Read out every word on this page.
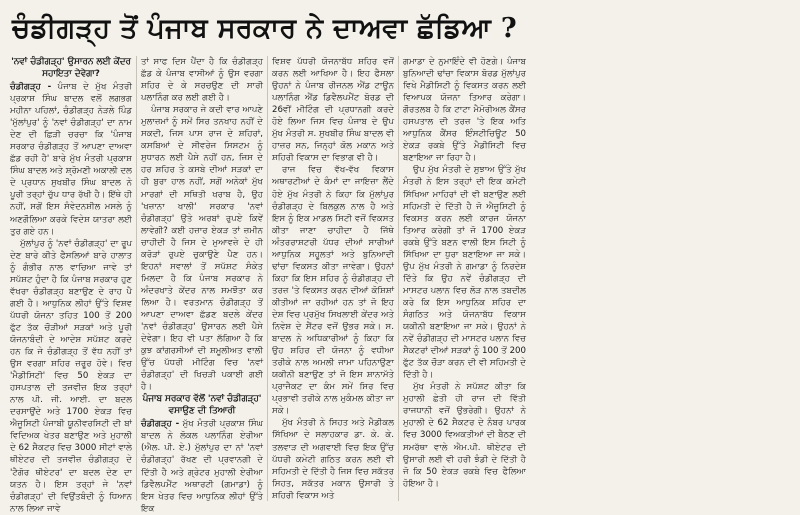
ਚੰਡੀਗੜ੍ਹ ਤੋਂ ਪੰਜਾਬ ਸਰਕਾਰ ਨੇ ਦਾਅਵਾ ਛੱਡਿਆ ?
'ਨਵਾਂ ਚੰਡੀਗੜ੍ਹ' ਉਸਾਰਨ ਲਈ ਕੇਂਦਰ ਸਹਾਇਤਾ ਦੇਵੇਗਾ?

ਚੰਡੀਗੜ੍ਹ - ਪੰਜਾਬ ਦੇ ਮੁੱਖ ਮੰਤਰੀ ਪ੍ਰਕਾਸ਼ ਸਿੰਘ ਬਾਦਲ ਵਲੋਂ ਲਗਭਗ ਮਹੀਨਾ ਪਹਿਲਾਂ, ਚੰਡੀਗੜ੍ਹ ਨੇੜਲੇ ਪਿੰਡ 'ਮੁੱਲਾਂਪੁਰ' ਨੂੰ 'ਨਵਾਂ ਚੰਡੀਗੜ੍ਹ' ਦਾ ਨਾਮ ਦੇਣ ਦੀ ਛਿੜੀ ਚਰਚਾ ਕਿ 'ਪੰਜਾਬ ਸਰਕਾਰ ਚੰਡੀਗੜ੍ਹ ਤੋਂ ਆਪਣਾ ਦਾਅਵਾ ਛੱਡ ਰਹੀ ਹੈ' ਬਾਰੇ ਮੁੱਖ ਮੰਤਰੀ ਪ੍ਰਕਾਸ਼ ਸਿੰਘ ਬਾਦਲ ਅਤੇ ਸ਼੍ਰੋਮਣੀ ਅਕਾਲੀ ਦਲ ਦੇ ਪ੍ਰਧਾਨ ਸੁਖਬੀਰ ਸਿੰਘ ਬਾਦਲ ਨੇ ਪੂਰੀ ਤਰ੍ਹਾਂ ਚੁੱਪ ਧਾਰ ਰੱਖੀ ਹੈ। ਇੱਥੇ ਹੀ ਨਹੀਂ, ਸਗੋਂ ਇਸ ਸੰਵੇਦਨਸ਼ੀਲ ਮਸਲੇ ਨੂੰ ਅਣਗੌਲਿਆ ਕਰਕੇ ਵਿਦੇਸ਼ ਯਾਤਰਾ ਲਈ ਤੁਰ ਗਏ ਹਨ।

ਮੁੱਲਾਂਪੁਰ ਨੂੰ 'ਨਵਾਂ ਚੰਡੀਗੜ੍ਹ' ਦਾ ਰੂਪ ਦੇਣ ਬਾਰੇ ਕੀਤੇ ਫੈਸਲਿਆਂ ਬਾਰੇ ਹਾਲਾਤ ਨੂੰ ਗੰਭੀਰ ਨਾਲ ਵਾਚਿਆ ਜਾਵੇ ਤਾਂ ਸਪੱਸ਼ਟ ਹੁੰਦਾ ਹੈ ਕਿ ਪੰਜਾਬ ਸਰਕਾਰ ਹੁਣ ਵੱਖਰਾ ਚੰਡੀਗੜ੍ਹ ਬਣਾਉਣ ਦੇ ਰਾਹ ਪੈ ਗਈ ਹੈ। ਆਧੁਨਿਕ ਲੀਹਾਂ ਉੱਤੇ ਵਿਸ਼ਵ ਪੱਧਰੀ ਯੋਜਨਾ ਤਹਿਤ 100 ਤੋਂ 200 ਫੁੱਟ ਤੱਕ ਚੌੜੀਆਂ ਸੜਕਾਂ ਅਤੇ ਪੂਰੀ ਯੋਜਨਾਬੰਦੀ ਦੇ ਆਦੇਸ਼ ਸਪੱਸ਼ਟ ਕਰਦੇ ਹਨ ਕਿ ਜੇ ਚੰਡੀਗੜ੍ਹ ਤੋਂ ਵੱਧ ਨਹੀਂ ਤਾਂ ਉਸ ਵਰਗਾ ਸ਼ਹਿਰ ਜ਼ਰੂਰ ਹੋਵੇ। ਵਿਚ 'ਮੈਡੀਸਿਟੀ' ਵਿਚ 50 ਏਕੜ ਦਾ ਹਸਪਤਾਲ ਦੀ ਤਜਵੀਜ਼ ਇਕ ਤਰ੍ਹਾਂ ਨਾਲ ਪੀ. ਜੀ. ਆਈ. ਦਾ ਬਦਲ ਦਰਸਾਉਂਦੇ ਅਤੇ 1700 ਏਕੜ ਵਿਚ ਐਜੂਸਿਟੀ ਪੰਜਾਬੀ ਯੂਨੀਵਰਸਿਟੀ ਦੀ ਬਾਂ ਵਿਦਿਅਕ ਖੇਤਰ ਬਣਾਉਣ ਅਤੇ ਮੁਹਾਲੀ ਦੇ 62 ਸੈਕਟਰ ਵਿਚ 3000 ਸੀਟਾਂ ਵਾਲੇ ਥੀਏਟਰ ਦੀ ਤਜਵੀਜ਼ ਚੰਡੀਗੜ੍ਹ ਦੇ 'ਟੈਗੋਰ ਥੀਏਟਰ' ਦਾ ਬਦਲ ਦੇਣ ਦਾ ਯਤਨ ਹੈ। ਇਸ ਤਰ੍ਹਾਂ ਜੇ 'ਨਵਾਂ ਚੰਡੀਗੜ੍ਹ' ਦੀ ਵਿਉਂਤਬੰਦੀ ਨੂੰ ਧਿਆਨ ਨਾਲ ਲਿਆ ਜਾਵੇ

ਤਾਂ ਸਾਫ ਦਿਸ ਪੈਂਦਾ ਹੈ ਕਿ ਚੰਡੀਗੜ੍ਹ ਛੱਡ ਕੇ ਪੰਜਾਬ ਵਾਸੀਆਂ ਨੂੰ ਉਸ ਵਰਗਾ ਸ਼ਹਿਰ ਦੇ ਕੇ ਸਰਚਉਣ ਦੀ ਸਾਰੀ ਪਲਾਨਿੰਗ ਕਰ ਲਈ ਗਈ ਹੈ।

ਪੰਜਾਬ ਸਰਕਾਰ ਜੇ ਕਦੀ ਵਾਰ ਆਪਣੇ ਮੁਲਾਜ਼ਮਾਂ ਨੂੰ ਸਮੇਂ ਸਿਰ ਤਨਖਾਹ ਨਹੀਂ ਦੇ ਸਕਦੀ, ਜਿਸ ਪਾਸ ਰਾਜ ਦੇ ਸ਼ਹਿਰਾਂ, ਕਸਬਿਆਂ ਦੇ ਸੀਵਰੇਜ ਸਿਸਟਮ ਨੂੰ ਸੁਧਾਰਨ ਲਈ ਪੈਸੇ ਨਹੀਂ ਹਨ, ਜਿਸ ਦੇ ਹਰ ਸ਼ਹਿਰ ਤੇ ਕਸਬੇ ਦੀਆਂ ਸੜਕਾਂ ਦਾ ਹੀ ਬੁਰਾ ਹਾਲ ਨਹੀਂ, ਸਗੋਂ ਅਨੇਕਾਂ ਮੁੱਖ ਮਾਰਗਾਂ ਦੀ ਸਥਿਤੀ ਖਰਾਬ ਹੈ, ਉਹ 'ਖਜ਼ਾਨਾ ਖਾਲੀ' ਸਰਕਾਰ 'ਨਵਾਂ ਚੰਡੀਗੜ੍ਹ' ਉਤੇ ਅਰਬਾਂ ਰੁਪਏ ਕਿਵੇਂ ਲਾਵੇਗੀ? ਕਈ ਹਜ਼ਾਰ ਏਕੜ ਤਾਂ ਜ਼ਮੀਨ ਚਾਹੀਦੀ ਹੈ ਜਿਸ ਦੇ ਮੁਆਵਜ਼ੇ ਦੇ ਹੀ ਕਰੋੜਾਂ ਰੁਪਏ ਚੁਕਾਉਣੇ ਪੈਣ ਹਨ। ਇਹਨਾਂ ਸਵਾਲਾਂ ਤੋਂ ਸਪੱਸ਼ਟ ਸੰਕੇਤ ਮਿਲਦਾ ਹੈ ਕਿ ਪੰਜਾਬ ਸਰਕਾਰ ਨੇ ਅੰਦਰਖਾਤੇ ਕੇਂਦਰ ਨਾਲ ਸਮਝੌਤਾ ਕਰ ਲਿਆ ਹੈ। ਵਰਤਮਾਨ ਚੰਡੀਗੜ੍ਹ ਤੋਂ ਆਪਣਾ ਦਾਅਵਾ ਛੱਡਣ ਬਦਲੇ ਕੇਂਦਰ 'ਨਵਾਂ ਚੰਡੀਗੜ੍ਹ' ਉਸਾਰਨ ਲਈ ਪੈਸੇ ਦੇਵੇਗਾ। ਇਹ ਵੀ ਪਤਾ ਲੱਗਿਆ ਹੈ ਕਿ ਕੁਝ ਕਾਂਗਰਸੀਆਂ ਦੀ ਸ਼ਮੂਲੀਅਤ ਵਾਲੀ ਉੱਚ ਪੱਧਰੀ ਮੀਟਿੰਗ ਵਿਚ 'ਨਵਾਂ ਚੰਡੀਗੜ੍ਹ' ਦੀ ਖਿਚੜੀ ਪਕਾਈ ਗਈ ਹੈ।

ਪੰਜਾਬ ਸਰਕਾਰ ਵੱਲੋਂ 'ਨਵਾਂ ਚੰਡੀਗੜ੍ਹ' ਵਸਾਉਣ ਦੀ ਤਿਆਰੀ

ਚੰਡੀਗੜ੍ਹ - ਮੁੱਖ ਮੰਤਰੀ ਪ੍ਰਕਾਸ਼ ਸਿੰਘ ਬਾਦਲ ਨੇ ਲੋਕਲ ਪਲਾਨਿੰਗ ਏਰੀਆ (ਐਲ. ਪੀ. ਏ.) ਮੁੱਲਾਂਪੁਰ ਦਾ ਨਾਂ 'ਨਵਾਂ ਚੰਡੀਗੜ੍ਹ' ਰੱਖਣ ਦੀ ਪ੍ਰਵਾਨਗੀ ਦੇ ਦਿੱਤੀ ਹੈ ਅਤੇ ਗ੍ਰੇਟਰ ਮੁਹਾਲੀ ਏਰੀਆ ਡਿਵੈਲਪਮੈਂਟ ਅਥਾਰਟੀ (ਗਮਾਡਾ) ਨੂੰ ਇਸ ਖੇਤਰ ਵਿਚ ਆਧੁਨਿਕ ਲੀਹਾਂ ਉੱਤੇ ਇਕ

ਵਿਸ਼ਵ ਪੱਧਰੀ ਯੋਜਨਾਬੱਧ ਸ਼ਹਿਰ ਵਜੋਂ ਕਰਨ ਲਈ ਆਖਿਆ ਹੈ। ਇਹ ਫੈਸਲਾ ਉਹਨਾਂ ਨੇ ਪੰਜਾਬ ਰੀਜਨਲ ਐਂਡ ਟਾਊਨ ਪਲਾਨਿੰਗ ਐਂਡ ਡਿਵੈਲਪਮੈਂਟ ਬੋਰਡ ਦੀ 26ਵੀਂ ਮੀਟਿੰਗ ਦੀ ਪ੍ਰਧਾਨਗੀ ਕਰਦੇ ਹੋਏ ਲਿਆ ਜਿਸ ਵਿਚ ਪੰਜਾਬ ਦੇ ਉਪ ਮੁੱਖ ਮੰਤਰੀ ਸ. ਸੁਖਬੀਰ ਸਿੰਘ ਬਾਦਲ ਵੀ ਹਾਜ਼ਰ ਸਨ, ਜਿਨ੍ਹਾਂ ਕੋਲ ਮਕਾਨ ਅਤੇ ਸ਼ਹਿਰੀ ਵਿਕਾਸ ਦਾ ਵਿਭਾਗ ਵੀ ਹੈ।

ਰਾਜ ਵਿਚ ਵੱਖ-ਵੱਖ ਵਿਕਾਸ ਅਥਾਰਟੀਆਂ ਦੇ ਕੰਮਾਂ ਦਾ ਜਾਇਜ਼ਾ ਲੈਂਦੇ ਹੋਏ ਮੁੱਖ ਮੰਤਰੀ ਨੇ ਕਿਹਾ ਕਿ ਮੁੱਲਾਂਪੁਰ ਚੰਡੀਗੜ੍ਹ ਦੇ ਬਿਲਕੁਲ ਨਾਲ ਹੈ ਅਤੇ ਇਸ ਨੂੰ ਇਕ ਮਾਡਲ ਸਿਟੀ ਵਜੋਂ ਵਿਕਸਤ ਕੀਤਾ ਜਾਣਾ ਚਾਹੀਦਾ ਹੈ ਜਿੱਥੇ ਅੰਤਰਰਾਸ਼ਟਰੀ ਪੱਧਰ ਦੀਆਂ ਸਾਰੀਆਂ ਆਧੁਨਿਕ ਸਹੂਲਤਾਂ ਅਤੇ ਬੁਨਿਆਦੀ ਢਾਂਚਾ ਵਿਕਸਤ ਕੀਤਾ ਜਾਵੇਗਾ। ਉਹਨਾਂ ਕਿਹਾ ਕਿ ਇਸ ਸ਼ਹਿਰ ਨੂੰ ਚੰਡੀਗੜ੍ਹ ਦੀ ਤਰਜ਼ 'ਤੇ ਵਿਕਸਤ ਕਰਨ ਦੀਆਂ ਕੋਸ਼ਿਸ਼ਾਂ ਕੀਤੀਆਂ ਜਾ ਰਹੀਆਂ ਹਨ ਤਾਂ ਜੋ ਇਹ ਦੇਸ਼ ਵਿਚ ਪ੍ਰਮੁੱਖ ਸਿਖਲਾਈ ਕੇਂਦਰ ਅਤੇ ਨਿਵੇਸ਼ ਦੇ ਸੈਂਟਰ ਵਜੋਂ ਉਭਰ ਸਕੇ। ਸ. ਬਾਦਲ ਨੇ ਅਧਿਕਾਰੀਆਂ ਨੂੰ ਕਿਹਾ ਕਿ ਉਹ ਸ਼ਹਿਰ ਦੀ ਯੋਜਨਾ ਨੂੰ ਵਧੀਆ ਤਰੀਕੇ ਨਾਲ ਅਮਲੀ ਜਾਮਾ ਪਹਿਨਾਉਣਾ ਯਕੀਨੀ ਬਣਾਉਣ ਤਾਂ ਜੋ ਇਸ ਸ਼ਾਨਾਮੱਤੇ ਪ੍ਰਾਜੈਕਟ ਦਾ ਕੰਮ ਸਮੇਂ ਸਿਰ ਵਿਚ ਪ੍ਰਭਾਵੀ ਤਰੀਕੇ ਨਾਲ ਮੁਕੰਮਲ ਕੀਤਾ ਜਾ ਸਕੇ।

ਮੁੱਖ ਮੰਤਰੀ ਨੇ ਸਿਹਤ ਅਤੇ ਮੈਡੀਕਲ ਸਿੱਖਿਆ ਦੇ ਸਲਾਹਕਾਰ ਡਾ. ਕੇ. ਕੇ. ਤਲਵਾੜ ਦੀ ਅਗਵਾਈ ਵਿਚ ਇਕ ਉੱਚ ਪੱਧਰੀ ਕਮੇਟੀ ਗਠਿਤ ਕਰਨ ਲਈ ਵੀ ਸਹਿਮਤੀ ਦੇ ਦਿੱਤੀ ਹੈ ਜਿਸ ਵਿਚ ਸਕੱਤਰ ਸਿਹਤ, ਸਕੱਤਰ ਮਕਾਨ ਉਸਾਰੀ ਤੇ ਸ਼ਹਿਰੀ ਵਿਕਾਸ ਅਤੇ

ਗਮਾਡਾ ਦੇ ਨੁਮਾਇੰਦੇ ਵੀ ਹੋਣਗੇ। ਪੰਜਾਬ ਬੁਨਿਆਦੀ ਢਾਂਚਾ ਵਿਕਾਸ ਬੋਰਡ ਮੁੱਲਾਂਪੁਰ ਵਿਖੇ ਮੈਡੀਸਿਟੀ ਨੂੰ ਵਿਕਸਤ ਕਰਨ ਲਈ ਵਿਆਪਕ ਯੋਜਨਾ ਤਿਆਰ ਕਰੇਗਾ। ਗੌਰਤਲਬ ਹੈ ਕਿ ਟਾਟਾ ਮੈਮੋਰੀਅਲ ਕੈਂਸਰ ਹਸਪਤਾਲ ਦੀ ਤਰਜ਼ 'ਤੇ ਇਕ ਅਤਿ ਆਧੁਨਿਕ ਕੈਂਸਰ ਇੰਸਟੀਚਿਊਟ 50 ਏਕੜ ਰਕਬੇ ਉੱਤੇ ਮੈਡੀਸਿਟੀ ਵਿਚ ਬਣਾਇਆ ਜਾ ਰਿਹਾ ਹੈ।

ਉਪ ਮੁੱਖ ਮੰਤਰੀ ਦੇ ਸੁਝਾਅ ਉੱਤੇ ਮੁੱਖ ਮੰਤਰੀ ਨੇ ਇਸ ਤਰ੍ਹਾਂ ਦੀ ਇਕ ਕਮੇਟੀ ਸਿੱਖਿਆ ਮਾਹਿਰਾਂ ਦੀ ਵੀ ਬਣਾਉਣ ਲਈ ਸਹਿਮਤੀ ਦੇ ਦਿੱਤੀ ਹੈ ਜੋ ਐਜੂਸਿਟੀ ਨੂੰ ਵਿਕਸਤ ਕਰਨ ਲਈ ਕਾਰਜ ਯੋਜਨਾ ਤਿਆਰ ਕਰੇਗੀ ਤਾਂ ਜੋ 1700 ਏਕੜ ਰਕਬੇ ਉੱਤੇ ਬਣਨ ਵਾਲੀ ਇਸ ਸਿਟੀ ਨੂੰ ਸਿੱਖਿਆ ਦਾ ਧੁਰਾ ਬਣਾਇਆ ਜਾ ਸਕੇ। ਉਪ ਮੁੱਖ ਮੰਤਰੀ ਨੇ ਗਮਾਡਾ ਨੂੰ ਨਿਰਦੇਸ਼ ਦਿੱਤੇ ਕਿ ਉਹ ਨਵੇਂ ਚੰਡੀਗੜ੍ਹ ਦੀ ਮਾਸਟਰ ਪਲਾਨ ਵਿਚ ਲੋੜ ਨਾਲ ਤਬਦੀਲ ਕਰੇ ਕਿ ਇਸ ਆਧੁਨਿਕ ਸ਼ਹਿਰ ਦਾ ਸੰਗਠਿਤ ਅਤੇ ਯੋਜਨਾਬੱਧ ਵਿਕਾਸ ਯਕੀਨੀ ਬਣਾਇਆ ਜਾ ਸਕੇ। ਉਹਨਾਂ ਨੇ ਨਵੇਂ ਚੰਡੀਗੜ੍ਹ ਦੀ ਮਾਸਟਰ ਪਲਾਨ ਵਿਚ ਸੈਕਟਰਾਂ ਦੀਆਂ ਸੜਕਾਂ ਨੂੰ 100 ਤੋਂ 200 ਫੁੱਟ ਤੱਕ ਚੌੜਾ ਕਰਨ ਦੀ ਵੀ ਸਹਿਮਤੀ ਦੇ ਦਿੱਤੀ ਹੈ।

ਮੁੱਖ ਮੰਤਰੀ ਨੇ ਸਪੱਸ਼ਟ ਕੀਤਾ ਕਿ ਮੁਹਾਲੀ ਛੇਤੀ ਹੀ ਰਾਜ ਦੀ ਵਿੱਤੀ ਰਾਜਧਾਨੀ ਵਜੋਂ ਉਭਰੇਗੀ। ਉਹਨਾਂ ਨੇ ਮੁਹਾਲੀ ਦੇ 62 ਸੈਕਟਰ ਦੇ ਨੰਬਰ ਪਾਰਕ ਵਿਚ 3000 ਵਿਅਕਤੀਆਂ ਦੀ ਬੈਠਣ ਦੀ ਸਮਰੱਥਾ ਵਾਲੇ ਐਮ.ਪੀ. ਥੀਏਟਰ ਦੀ ਉਸਾਰੀ ਲਈ ਵੀ ਹਰੀ ਝੰਡੀ ਦੇ ਦਿੱਤੀ ਹੈ ਜੋ ਕਿ 50 ਏਕੜ ਰਕਬੇ ਵਿਚ ਫੈਲਿਆ ਹੋਇਆ ਹੈ।
